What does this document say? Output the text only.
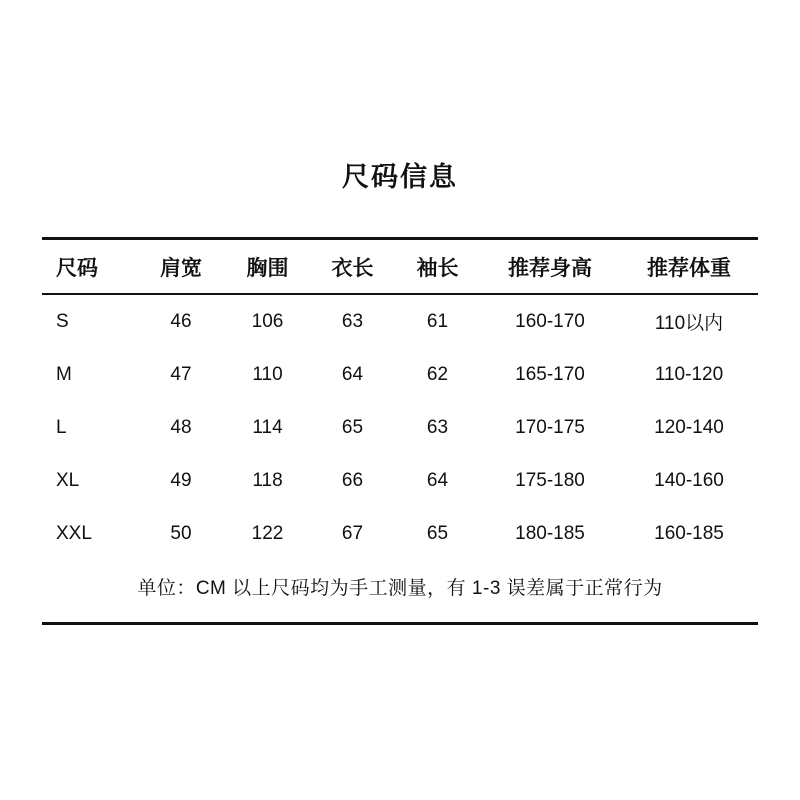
尺码信息
尺码	肩宽	胸围	衣长	袖长	推荐身高	推荐体重
S	46	106	63	61	160-170	110以内
M	47	110	64	62	165-170	110-120
L	48	114	65	63	170-175	120-140
XL	49	118	66	64	175-180	140-160
XXL	50	122	67	65	180-185	160-185
单位：CM 以上尺码均为手工测量，有 1-3 误差属于正常行为						
